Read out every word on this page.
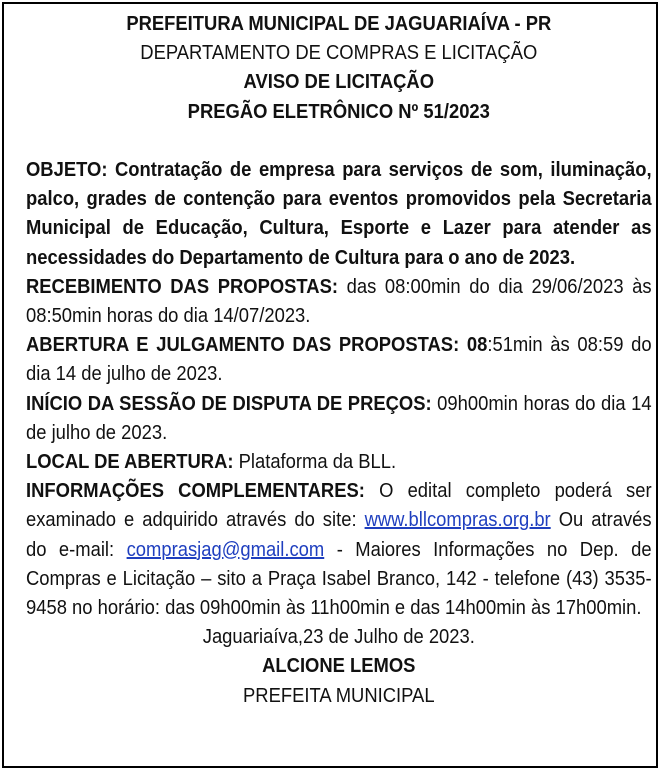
PREFEITURA MUNICIPAL DE JAGUARIAÍVA - PR

DEPARTAMENTO DE COMPRAS E LICITAÇÃO

AVISO DE LICITAÇÃO

PREGÃO ELETRÔNICO Nº 51/2023

OBJETO: Contratação de empresa para serviços de som, iluminação, palco, grades de contenção para eventos promovidos pela Secretaria Municipal de Educação, Cultura, Esporte e Lazer para atender as necessidades do Departamento de Cultura para o ano de 2023.

RECEBIMENTO DAS PROPOSTAS: das 08:00min do dia 29/06/2023 às 08:50min horas do dia 14/07/2023.

ABERTURA E JULGAMENTO DAS PROPOSTAS: 08:51min às 08:59 do dia 14 de julho de 2023.

INÍCIO DA SESSÃO DE DISPUTA DE PREÇOS: 09h00min horas do dia 14 de julho de 2023.

LOCAL DE ABERTURA: Plataforma da BLL.

INFORMAÇÕES COMPLEMENTARES: O edital completo poderá ser examinado e adquirido através do site: www.bllcompras.org.br Ou através do e-mail: comprasjag@gmail.com - Maiores Informações no Dep. de Compras e Licitação – sito a Praça Isabel Branco, 142 - telefone (43) 3535-9458 no horário: das 09h00min às 11h00min e das 14h00min às 17h00min.

Jaguariaíva,23 de Julho de 2023.

ALCIONE LEMOS

PREFEITA MUNICIPAL
